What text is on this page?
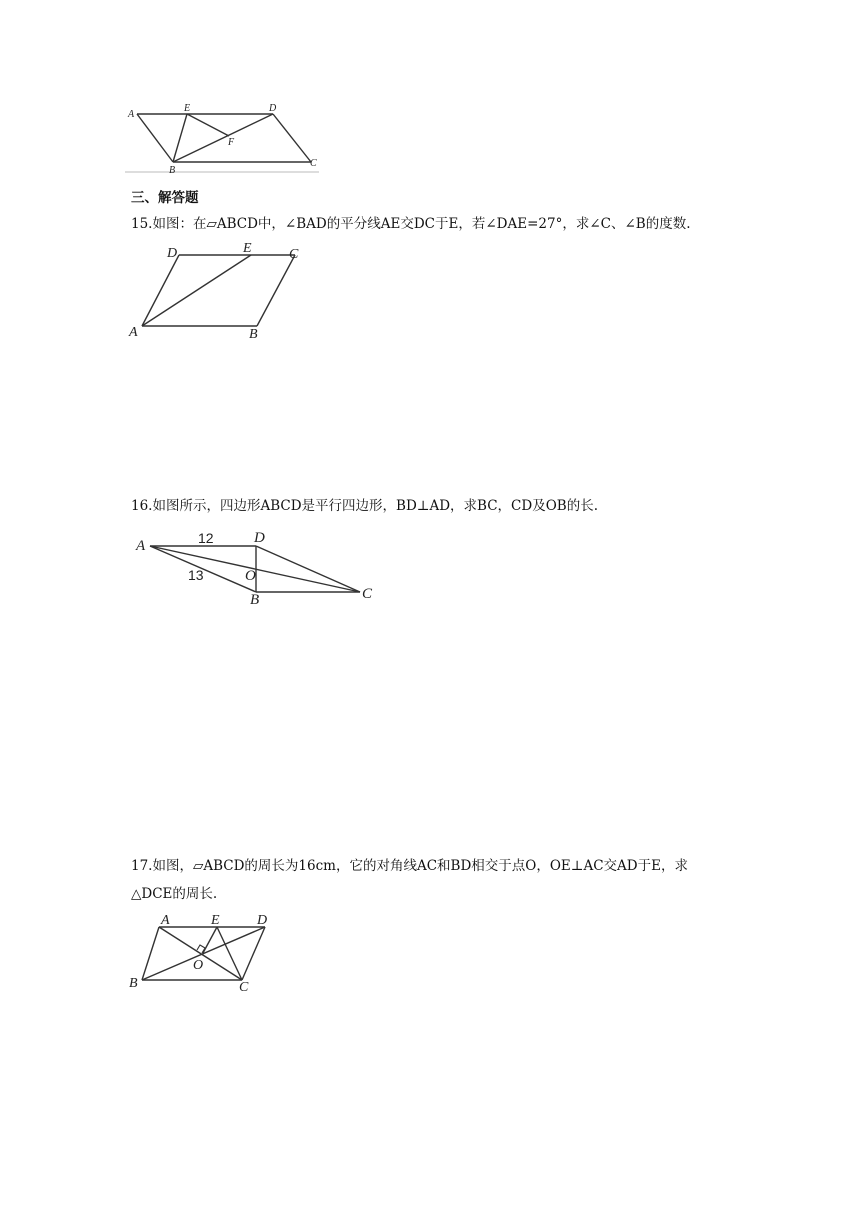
A
E	D
F
B
C
三、解答题
15.如图：在▱ABCD中，∠BAD的平分线AE交DC于E，若∠DAE=27°，求∠C、∠B的度数.
D	E	C
A	B
16.如图所示，四边形ABCD是平行四边形，BD⊥AD，求BC，CD及OB的长.
A	12	D
13	O
B	C
17.如图，▱ABCD的周长为16cm，它的对角线AC和BD相交于点O，OE⊥AC交AD于E，求
△DCE的周长.
A	E	D
O
B	C
